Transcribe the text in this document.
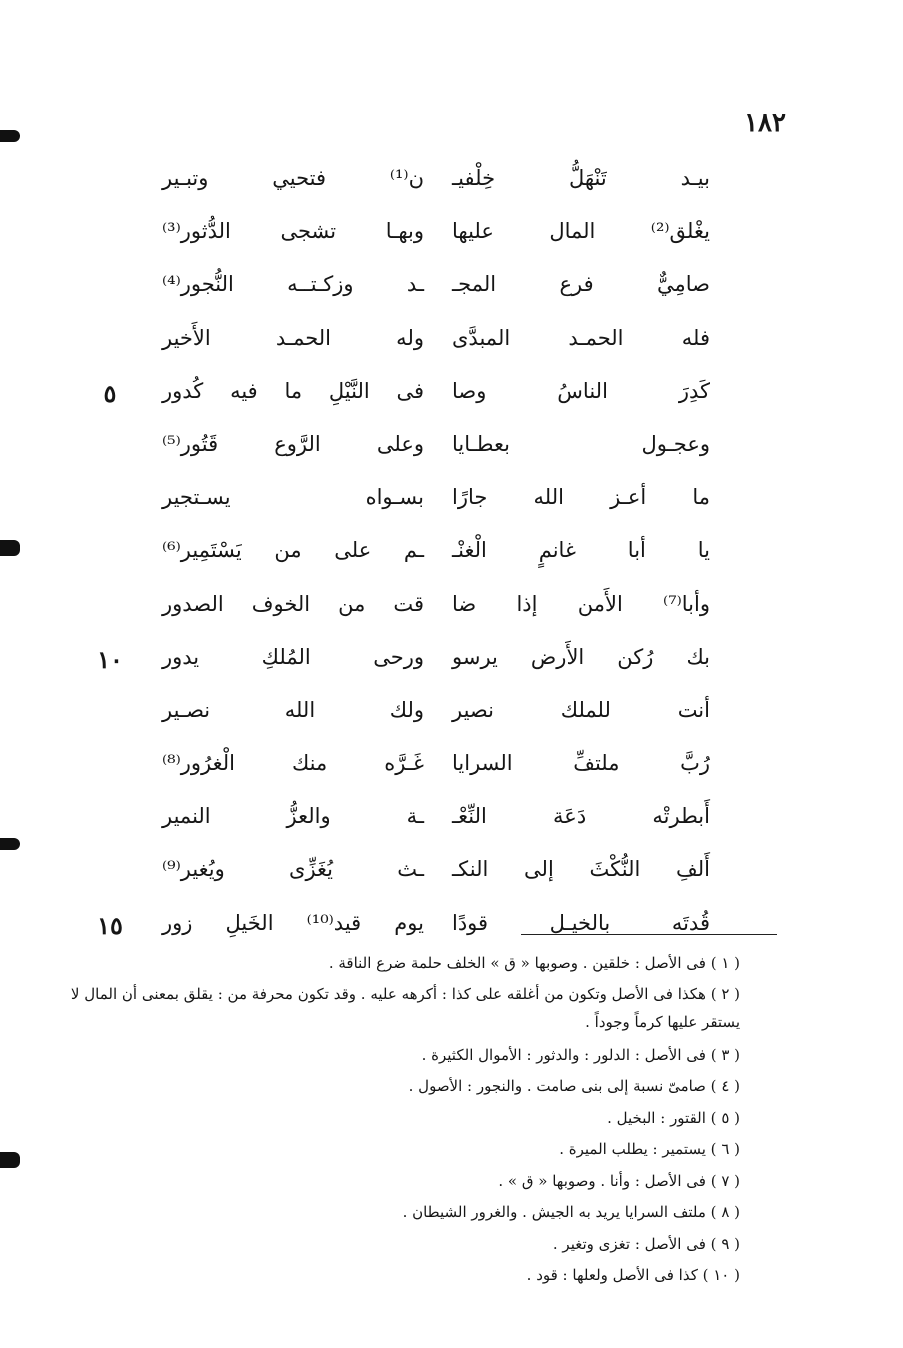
١٨٢
بيـد تَنْهَلُّ خِلْفيـ
ن⁽¹⁾ فتحيي وتبـير
يغْلق⁽²⁾ المال عليها
وبهـا تشجى الدُّثور⁽³⁾
صامِيٌّ فرع المجـ
ـد وزكـتــه النُّجور⁽⁴⁾
فله الحمـد المبدَّى
وله الحمـد الأَخير
كَدِرَ الناسُ وصا
فى النَّيْلِ ما فيه كُدور
٥
وعجـول بعطـايا
وعلى الرَّوع قَتُور⁽⁵⁾
ما أعـز الله جارًا
بسـواه يسـتجير
يا أبا غانمٍ الْغنْـ
ـم على من يَسْتَمِير⁽⁶⁾
وأبا⁽⁷⁾ الأَمن إذا ضا
قت من الخوف الصدور
بك رُكن الأَرض يرسو
ورحى المُلكِ يدور
١٠
أنت للملك نصير
ولك الله نصـير
رُبَّ ملتفِّ السرايا
غَـرَّه منك الْغرُور⁽⁸⁾
أَبطرتْه دَعَة النِّعْـ
ـة والعزُّ النمير
أَلفِ النُّكْثَ إلى النكـ
ـث يُغَزِّى ويُغير⁽⁹⁾
قُدتَه بالخيـل قودًا
يوم قيد⁽¹⁰⁾ الخَيلِ زور
١٥
( ١ ) فى الأصل : خلقين . وصوبها « ق » الخلف حلمة ضرع الناقة .
( ٢ ) هكذا فى الأصل وتكون من أغلقه على كذا : أكرهه عليه . وقد تكون محرفة من : يقلق بمعنى أن المال لا يستقر عليها كرماً وجوداً .
( ٣ ) فى الأصل : الدلور : والدثور : الأموال الكثيرة .
( ٤ ) صامىّ نسبة إلى بنى صامت . والنجور : الأصول .
( ٥ ) القتور : البخيل .
( ٦ ) يستمير : يطلب الميرة .
( ٧ ) فى الأصل : وأنا . وصوبها « ق » .
( ٨ ) ملتف السرايا يريد به الجيش . والغرور الشيطان .
( ٩ ) فى الأصل : تغزى وتغير .
( ١٠ ) كذا فى الأصل ولعلها : قود .
